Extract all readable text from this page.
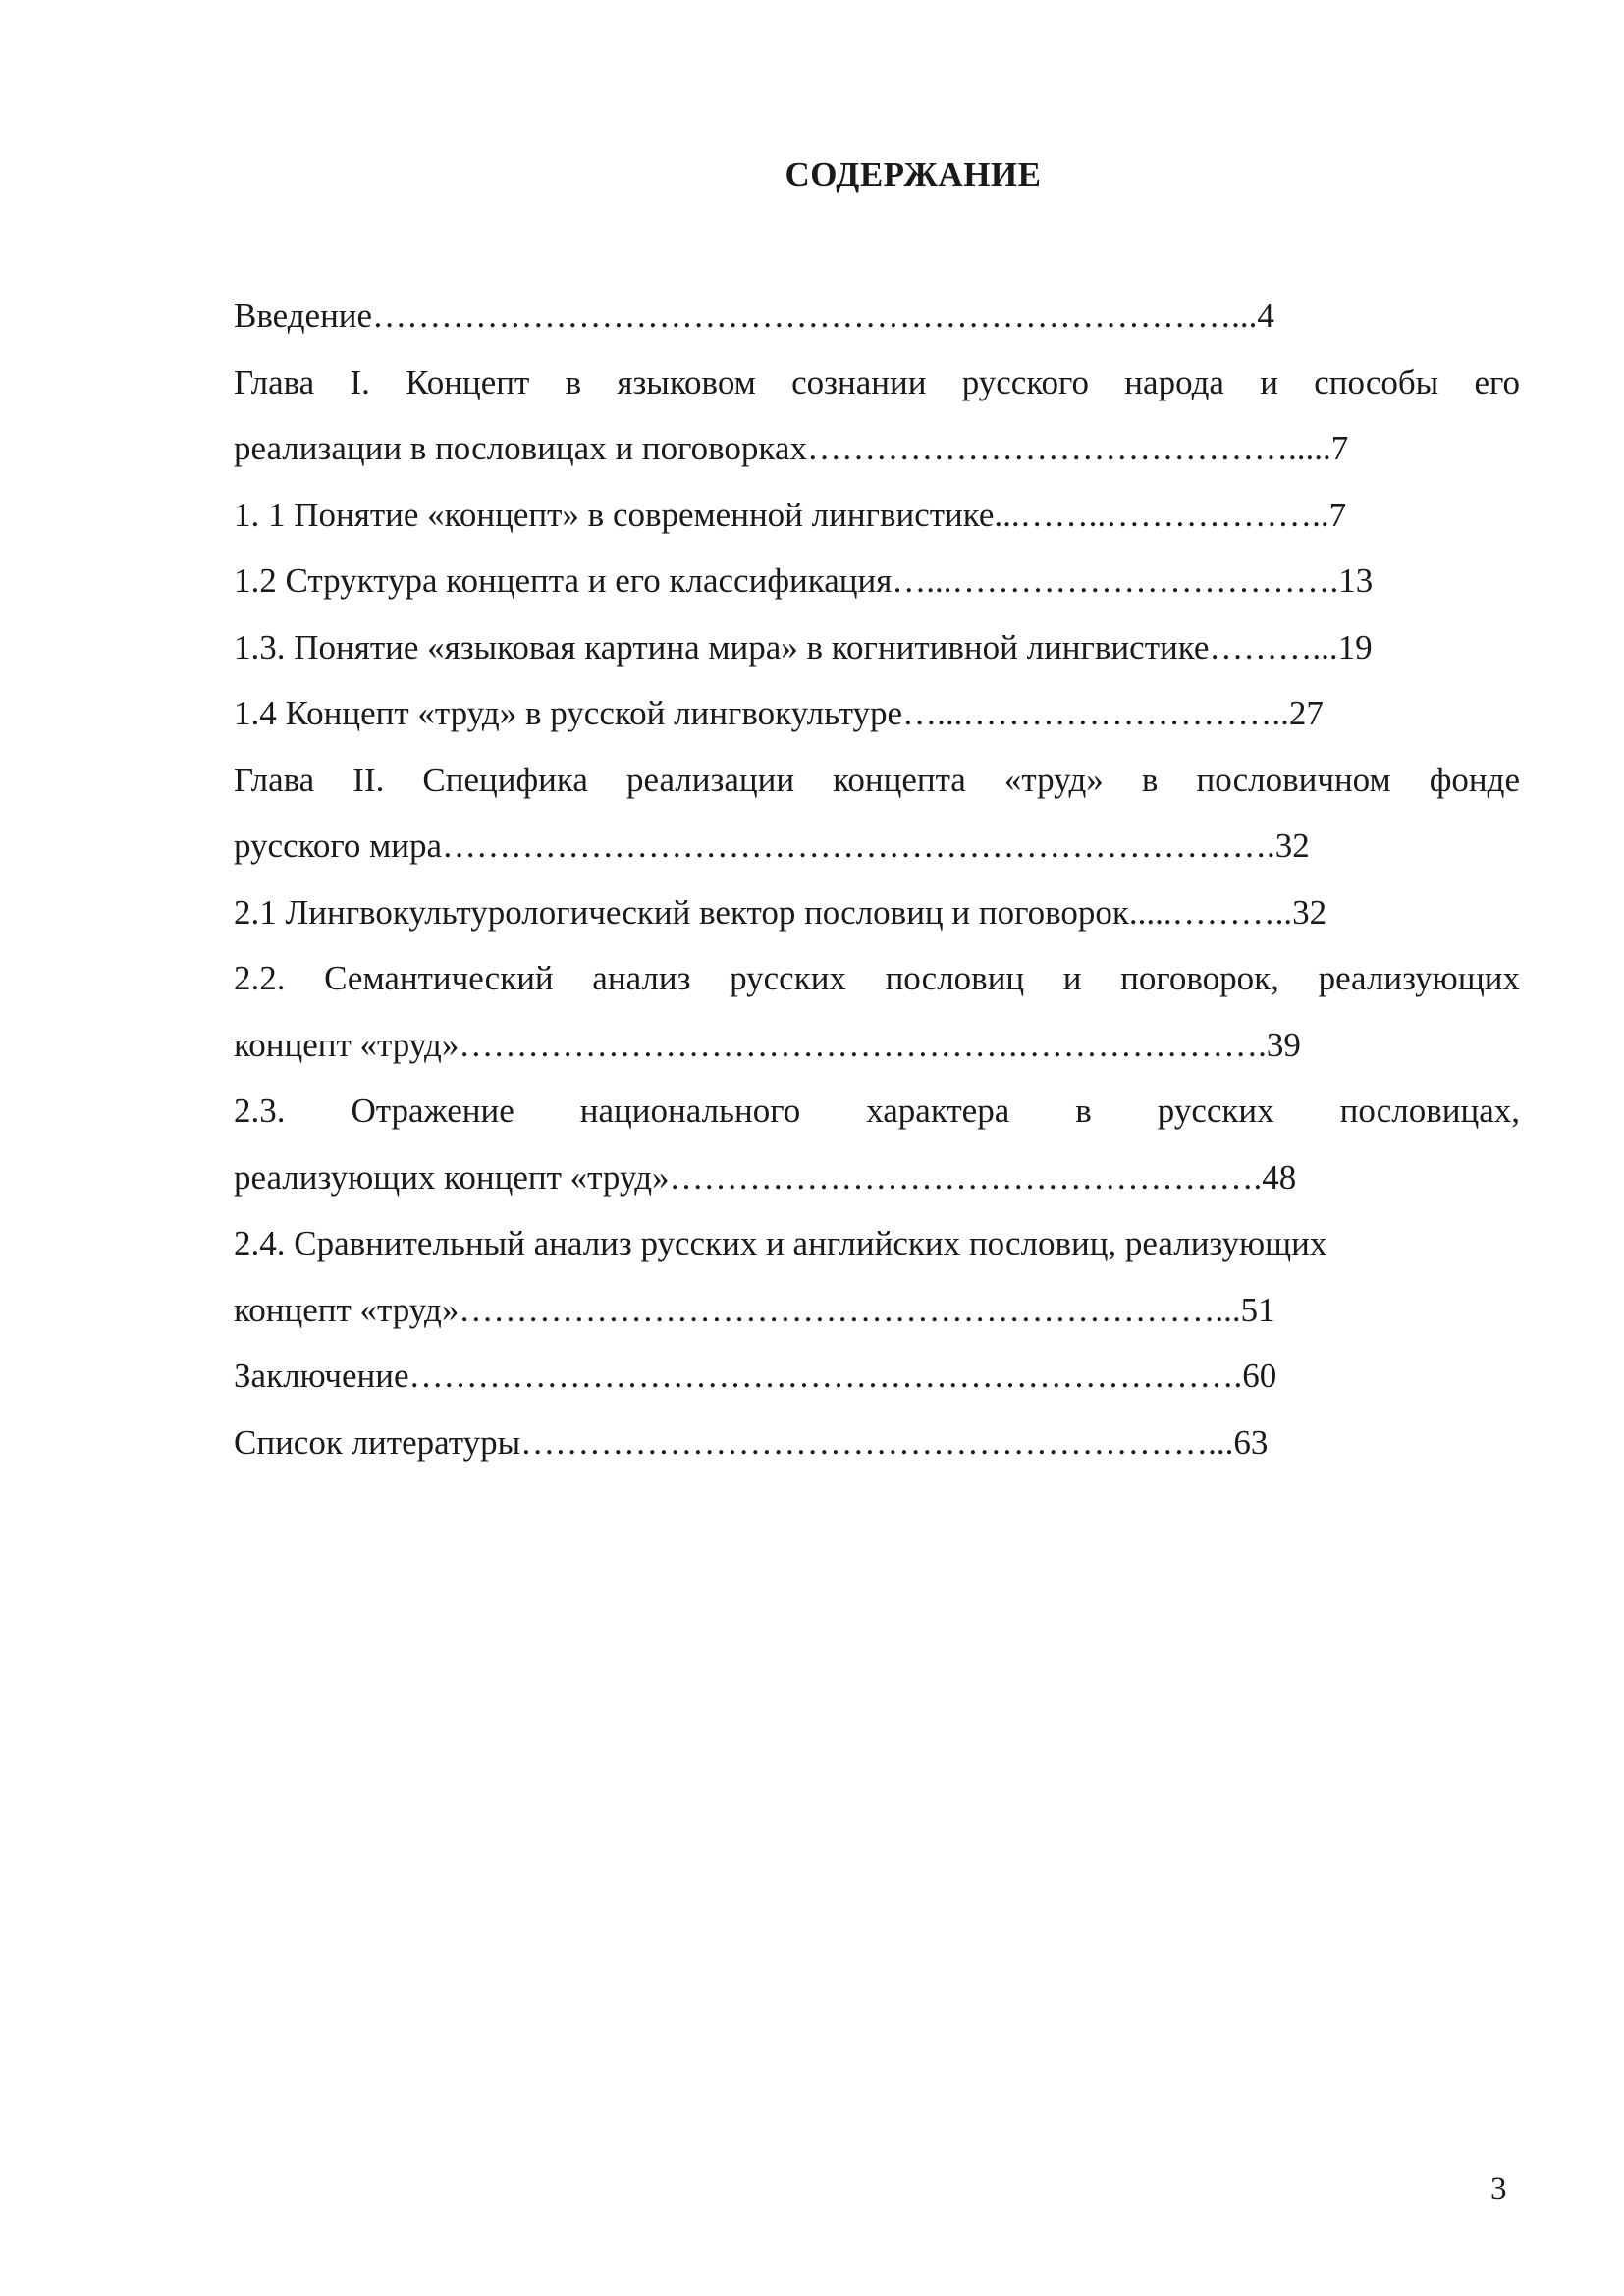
СОДЕРЖАНИЕ
Введение…………………………………………………………………...4
Глава I. Концепт в языковом сознании русского народа и способы его
реализации в пословицах и поговорках…………………………………….....7
1. 1 Понятие «концепт» в современной лингвистике...……..………………..7
1.2 Структура концепта и его классификация…...…………………………….13
1.3. Понятие «языковая картина мира» в когнитивной лингвистике………...19
1.4 Концепт «труд» в русской лингвокультуре…...………………………..27
Глава II. Специфика реализации концепта «труд» в пословичном фонде
русского мира……………………………………………………………….32
2.1 Лингвокультурологический вектор пословиц и поговорок.....………..32
2.2. Семантический анализ русских пословиц и поговорок, реализующих
концепт «труд»………………………………………….………………….39
2.3. Отражение национального характера в русских пословицах,
реализующих концепт «труд»…………………………………………….48
2.4. Сравнительный анализ русских и английских пословиц, реализующих
концепт «труд»…………………………………………………………...51
Заключение……………………………………………………………….60
Список литературы……………………………………………………...63
3
